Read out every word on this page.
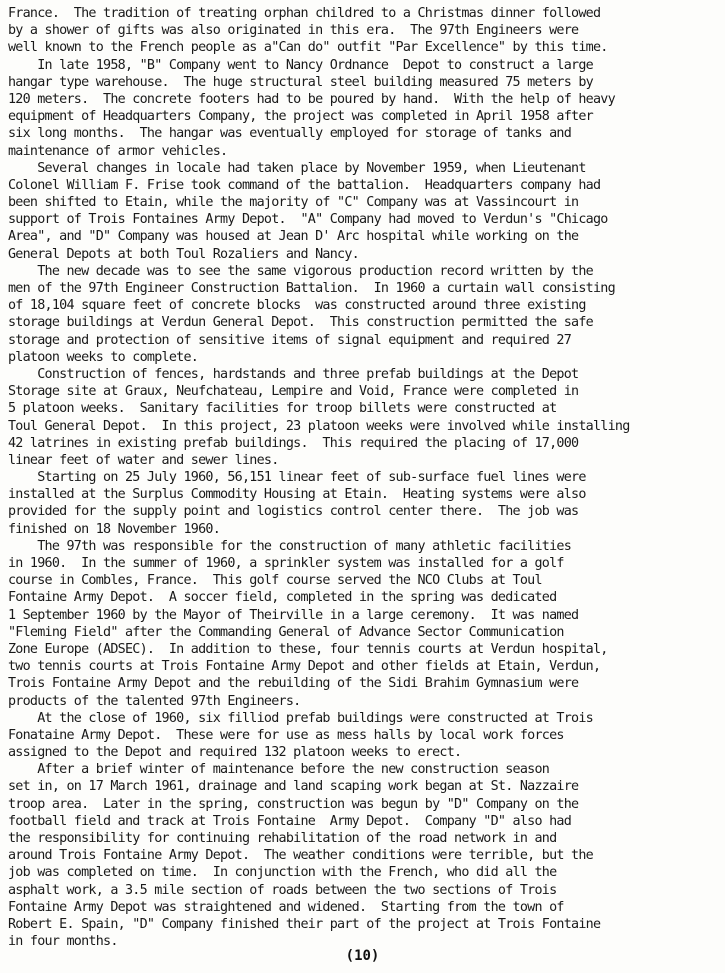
France.  The tradition of treating orphan childred to a Christmas dinner followed
by a shower of gifts was also originated in this era.  The 97th Engineers were
well known to the French people as a"Can do" outfit "Par Excellence" by this time.
In late 1958, "B" Company went to Nancy Ordnance  Depot to construct a large
hangar type warehouse.  The huge structural steel building measured 75 meters by
120 meters.  The concrete footers had to be poured by hand.  With the help of heavy
equipment of Headquarters Company, the project was completed in April 1958 after
six long months.  The hangar was eventually employed for storage of tanks and
maintenance of armor vehicles.
Several changes in locale had taken place by November 1959, when Lieutenant
Colonel William F. Frise took command of the battalion.  Headquarters company had
been shifted to Etain, while the majority of "C" Company was at Vassincourt in
support of Trois Fontaines Army Depot.  "A" Company had moved to Verdun's "Chicago
Area", and "D" Company was housed at Jean D' Arc hospital while working on the
General Depots at both Toul Rozaliers and Nancy.
The new decade was to see the same vigorous production record written by the
men of the 97th Engineer Construction Battalion.  In 1960 a curtain wall consisting
of 18,104 square feet of concrete blocks  was constructed around three existing
storage buildings at Verdun General Depot.  This construction permitted the safe
storage and protection of sensitive items of signal equipment and required 27
platoon weeks to complete.
Construction of fences, hardstands and three prefab buildings at the Depot
Storage site at Graux, Neufchateau, Lempire and Void, France were completed in
5 platoon weeks.  Sanitary facilities for troop billets were constructed at
Toul General Depot.  In this project, 23 platoon weeks were involved while installing
42 latrines in existing prefab buildings.  This required the placing of 17,000
linear feet of water and sewer lines.
Starting on 25 July 1960, 56,151 linear feet of sub-surface fuel lines were
installed at the Surplus Commodity Housing at Etain.  Heating systems were also
provided for the supply point and logistics control center there.  The job was
finished on 18 November 1960.
The 97th was responsible for the construction of many athletic facilities
in 1960.  In the summer of 1960, a sprinkler system was installed for a golf
course in Combles, France.  This golf course served the NCO Clubs at Toul
Fontaine Army Depot.  A soccer field, completed in the spring was dedicated
1 September 1960 by the Mayor of Theirville in a large ceremony.  It was named
"Fleming Field" after the Commanding General of Advance Sector Communication
Zone Europe (ADSEC).  In addition to these, four tennis courts at Verdun hospital,
two tennis courts at Trois Fontaine Army Depot and other fields at Etain, Verdun,
Trois Fontaine Army Depot and the rebuilding of the Sidi Brahim Gymnasium were
products of the talented 97th Engineers.
At the close of 1960, six filliod prefab buildings were constructed at Trois
Fonataine Army Depot.  These were for use as mess halls by local work forces
assigned to the Depot and required 132 platoon weeks to erect.
After a brief winter of maintenance before the new construction season
set in, on 17 March 1961, drainage and land scaping work began at St. Nazzaire
troop area.  Later in the spring, construction was begun by "D" Company on the
football field and track at Trois Fontaine  Army Depot.  Company "D" also had
the responsibility for continuing rehabilitation of the road network in and
around Trois Fontaine Army Depot.  The weather conditions were terrible, but the
job was completed on time.  In conjunction with the French, who did all the
asphalt work, a 3.5 mile section of roads between the two sections of Trois
Fontaine Army Depot was straightened and widened.  Starting from the town of
Robert E. Spain, "D" Company finished their part of the project at Trois Fontaine
in four months.
(10)
